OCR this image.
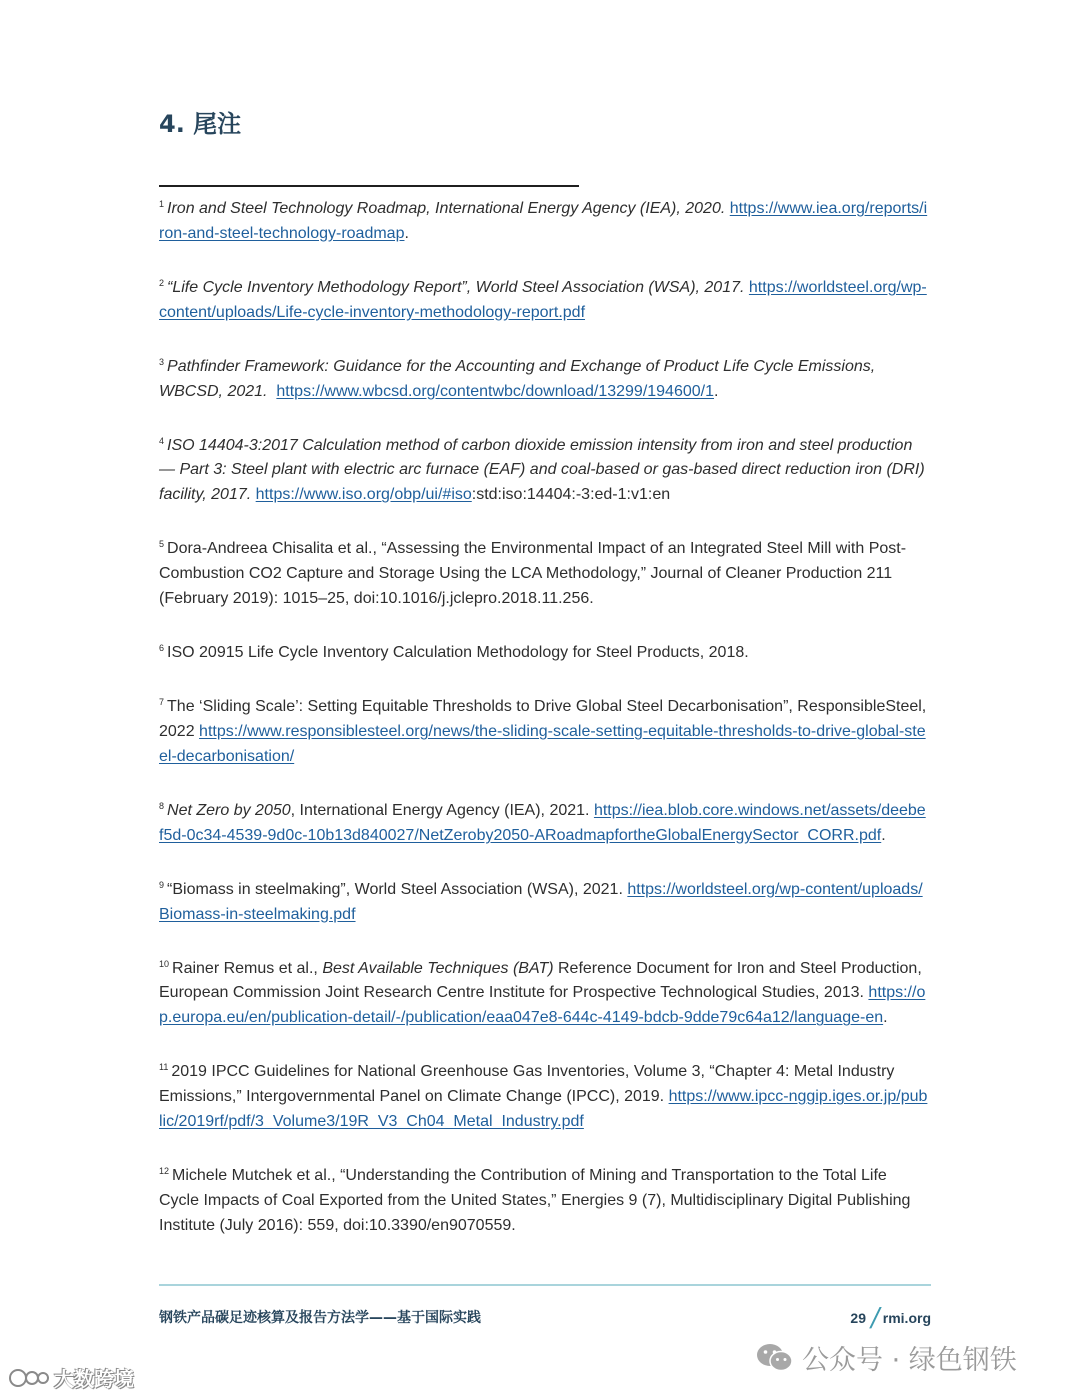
4. 尾注

$^1$ Iron and Steel Technology Roadmap, International Energy Agency (IEA), 2020. https://www.iea.org/reports/iron-and-steel-technology-roadmap.

$^2$ “Life Cycle Inventory Methodology Report”, World Steel Association (WSA), 2017. https://worldsteel.org/wp-content/uploads/Life-cycle-inventory-methodology-report.pdf

$^3$ Pathfinder Framework: Guidance for the Accounting and Exchange of Product Life Cycle Emissions, WBCSD, 2021. https://www.wbcsd.org/contentwbc/download/13299/194600/1.

$^4$ ISO 14404-3:2017 Calculation method of carbon dioxide emission intensity from iron and steel production — Part 3: Steel plant with electric arc furnace (EAF) and coal-based or gas-based direct reduction iron (DRI) facility, 2017. https://www.iso.org/obp/ui/#iso:std:iso:14404:-3:ed-1:v1:en

$^5$ Dora-Andreea Chisalita et al., “Assessing the Environmental Impact of an Integrated Steel Mill with Post-Combustion CO2 Capture and Storage Using the LCA Methodology,” Journal of Cleaner Production 211 (February 2019): 1015–25, doi:10.1016/j.jclepro.2018.11.256.

$^6$ ISO 20915 Life Cycle Inventory Calculation Methodology for Steel Products, 2018.

$^7$ The ‘Sliding Scale’: Setting Equitable Thresholds to Drive Global Steel Decarbonisation”, ResponsibleSteel, 2022 https://www.responsiblesteel.org/news/the-sliding-scale-setting-equitable-thresholds-to-drive-global-steel-decarbonisation/

$^8$ Net Zero by 2050, International Energy Agency (IEA), 2021. https://iea.blob.core.windows.net/assets/deebef5d-0c34-4539-9d0c-10b13d840027/NetZeroby2050-ARoadmapfortheGlobalEnergySector_CORR.pdf.

$^9$ “Biomass in steelmaking”, World Steel Association (WSA), 2021. https://worldsteel.org/wp-content/uploads/Biomass-in-steelmaking.pdf

$^{10}$ Rainer Remus et al., Best Available Techniques (BAT) Reference Document for Iron and Steel Production, European Commission Joint Research Centre Institute for Prospective Technological Studies, 2013. https://op.europa.eu/en/publication-detail/-/publication/eaa047e8-644c-4149-bdcb-9dde79c64a12/language-en.

$^{11}$ 2019 IPCC Guidelines for National Greenhouse Gas Inventories, Volume 3, “Chapter 4: Metal Industry Emissions,” Intergovernmental Panel on Climate Change (IPCC), 2019. https://www.ipcc-nggip.iges.or.jp/public/2019rf/pdf/3_Volume3/19R_V3_Ch04_Metal_Industry.pdf

$^{12}$ Michele Mutchek et al., “Understanding the Contribution of Mining and Transportation to the Total Life Cycle Impacts of Coal Exported from the United States,” Energies 9 (7), Multidisciplinary Digital Publishing Institute (July 2016): 559, doi:10.3390/en9070559.

钢铁产品碳足迹核算及报告方法学——基于国际实践	29 / rmi.org
公众号 · 绿色钢铁
大数跨境
